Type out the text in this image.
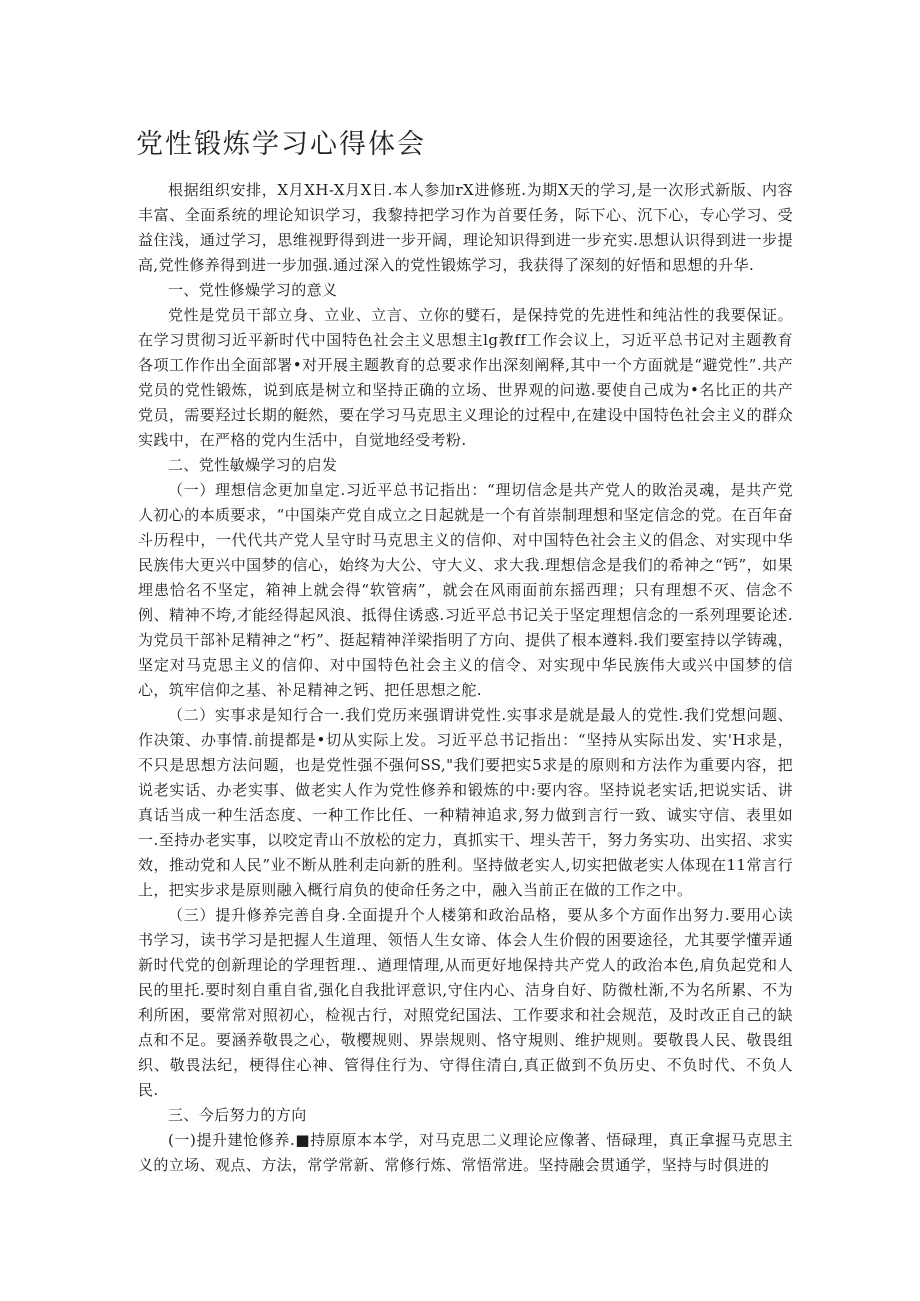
党性锻炼学习心得体会

根据组织安排，X月XH-X月X日.本人参加rX进修班.为期X天的学习,是一次形式新版、内容丰富、全面系统的埋论知识学习，我黎持把学习作为首要任务，际下心、沉下心，专心学习、受益住浅，通过学习，思维视野得到进一步开阔，理论知识得到进一步充实.思想认识得到进一步提高,党性修养得到进一步加强.通过深入的党性锻炼学习，我获得了深刻的好悟和思想的升华.

一、党性修燥学习的意义

党性是党员干部立身、立业、立言、立你的嬖石，是保持党的先进性和纯沾性的我要保证。在学习贯彻习近平新时代中国特色社会主义思想主lg教ff工作会议上，习近平总书记对主题教育各项工作作出全面部署•对开展主题教育的总要求作出深刻阐释,其中一个方面就是“避党性”.共产党员的党性锻炼，说到底是树立和坚持正确的立场、世界观的问遨.要使自己成为•名比正的共产党员，需要羟过长期的艇然，要在学习马克思主义理论的过程中,在建设中国特色社会主义的群众实践中，在严格的党内生活中，自觉地经受考粉.

二、党性敏燥学习的启发

（一）理想信念更加皇定.习近平总书记指出：“理切信念是共产党人的敗治灵魂，是共产党人初心的本质要求，“中国柒产党自成立之日起就是一个有首崇制理想和坚定信念的党。在百年奋斗历程中，一代代共产党人呈守时马克思主义的信仰、对中国特色社会主义的倡念、对实现中华民族伟大更兴中国梦的信心，始终为大公、守大义、求大我.理想信念是我们的希神之“钙”，如果埋患恰名不坚定，箱神上就会得“软管病”，就会在风雨面前东摇西理；只有理想不灭、信念不例、精神不垮,才能经得起风浪、抵得住诱惑.习近平总书记关于坚定理想信念的一系列理要论述.为党员干部补足精神之“朽”、挺起精神洋梁指明了方向、提供了根本遵料.我们要室持以学铸魂，坚定对马克思主义的信仰、对中国特色社会主义的信令、对实现中华民族伟大或兴中国梦的信心，筑牢信仰之基、补足精神之钙、把任思想之舵.

（二）实事求是知行合一.我们党历来强谓讲党性.实事求是就是最人的党性.我们党想问题、作决策、办事情.前提都是•切从实际上发。习近平总书记指出：“坚持从实际出发、实'H求是，不只是思想方法问题，也是党性强不强何SS,"我们要把实5求是的原则和方法作为重要内容，把说老实话、办老实事、做老实人作为党性修养和锻炼的中:要内容。坚持说老实话,把说实话、讲真话当成一种生活态度、一种工作比任、一种精神追求,努力做到言行一致、诚实守信、表里如一.至持办老实事，以咬定青山不放松的定力，真抓实干、埋头苦干，努力务实功、出实招、求实效，推动党和人民”业不断从胜利走向新的胜利。坚持做老实人,切实把做老实人体现在11常言行上，把实步求是原则融入概行肩负的使命任务之中，融入当前正在做的工作之中。

（三）提升修养完善自身.全面提升个人楼第和政治品格，要从多个方面作出努力.要用心读书学习，读书学习是把握人生道理、领悟人生女谛、体会人生价假的困要途径，尤其要学懂弄通新时代党的创新理论的学理哲理.、遒理情理,从而更好地保持共产党人的政治本色,肩负起党和人民的里托.要时刻自重自省,强化自我批评意识,守住内心、洁身自好、防微杜渐,不为名所累、不为利所困，要常常对照初心，检视古行，对照党纪国法、工作要求和社会规范，及时改正自己的缺点和不足。要涵养敬畏之心，敬樱规则、界崇规则、恪守規则、维护规则。要敬畏人民、敬畏组织、敬畏法纪，梗得住心神、管得住行为、守得住清白,真正做到不负历史、不负时代、不负人民.

三、今后努力的方向

(一)提升建怆修养.■持原原本本学，对马克思二义理论应像著、悟碌理，真正拿握马克思主义的立场、观点、方法，常学常新、常修行炼、常悟常进。坚持融会贯通学，坚持与时俱进的
